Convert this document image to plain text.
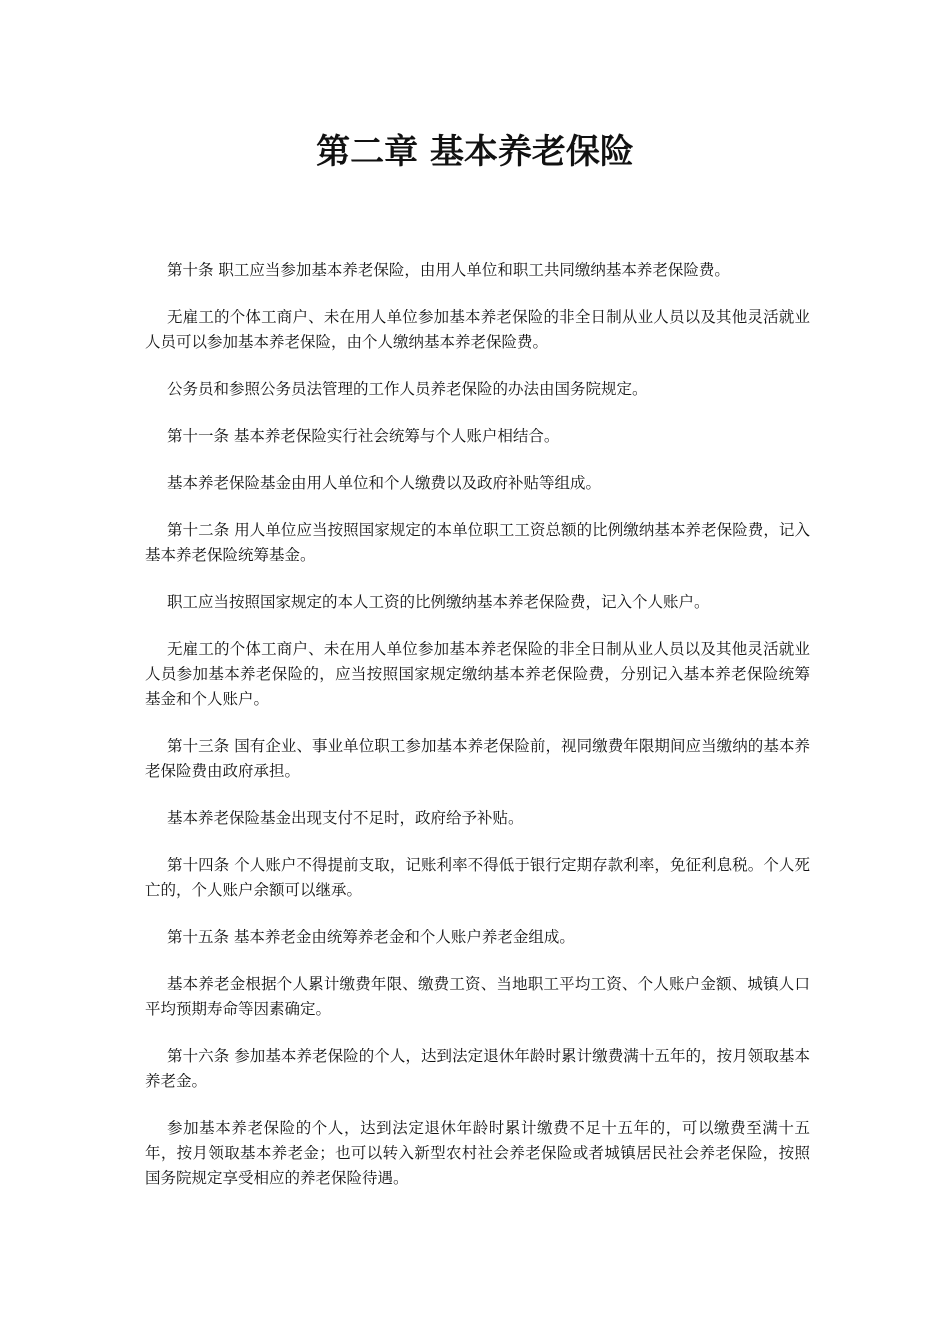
第二章 基本养老保险

第十条 职工应当参加基本养老保险，由用人单位和职工共同缴纳基本养老保险费。

无雇工的个体工商户、未在用人单位参加基本养老保险的非全日制从业人员以及其他灵活就业人员可以参加基本养老保险，由个人缴纳基本养老保险费。

公务员和参照公务员法管理的工作人员养老保险的办法由国务院规定。

第十一条 基本养老保险实行社会统筹与个人账户相结合。

基本养老保险基金由用人单位和个人缴费以及政府补贴等组成。

第十二条 用人单位应当按照国家规定的本单位职工工资总额的比例缴纳基本养老保险费，记入基本养老保险统筹基金。

职工应当按照国家规定的本人工资的比例缴纳基本养老保险费，记入个人账户。

无雇工的个体工商户、未在用人单位参加基本养老保险的非全日制从业人员以及其他灵活就业人员参加基本养老保险的，应当按照国家规定缴纳基本养老保险费，分别记入基本养老保险统筹基金和个人账户。

第十三条 国有企业、事业单位职工参加基本养老保险前，视同缴费年限期间应当缴纳的基本养老保险费由政府承担。

基本养老保险基金出现支付不足时，政府给予补贴。

第十四条 个人账户不得提前支取，记账利率不得低于银行定期存款利率，免征利息税。个人死亡的，个人账户余额可以继承。

第十五条 基本养老金由统筹养老金和个人账户养老金组成。

基本养老金根据个人累计缴费年限、缴费工资、当地职工平均工资、个人账户金额、城镇人口平均预期寿命等因素确定。

第十六条 参加基本养老保险的个人，达到法定退休年龄时累计缴费满十五年的，按月领取基本养老金。

参加基本养老保险的个人，达到法定退休年龄时累计缴费不足十五年的，可以缴费至满十五年，按月领取基本养老金；也可以转入新型农村社会养老保险或者城镇居民社会养老保险，按照国务院规定享受相应的养老保险待遇。
